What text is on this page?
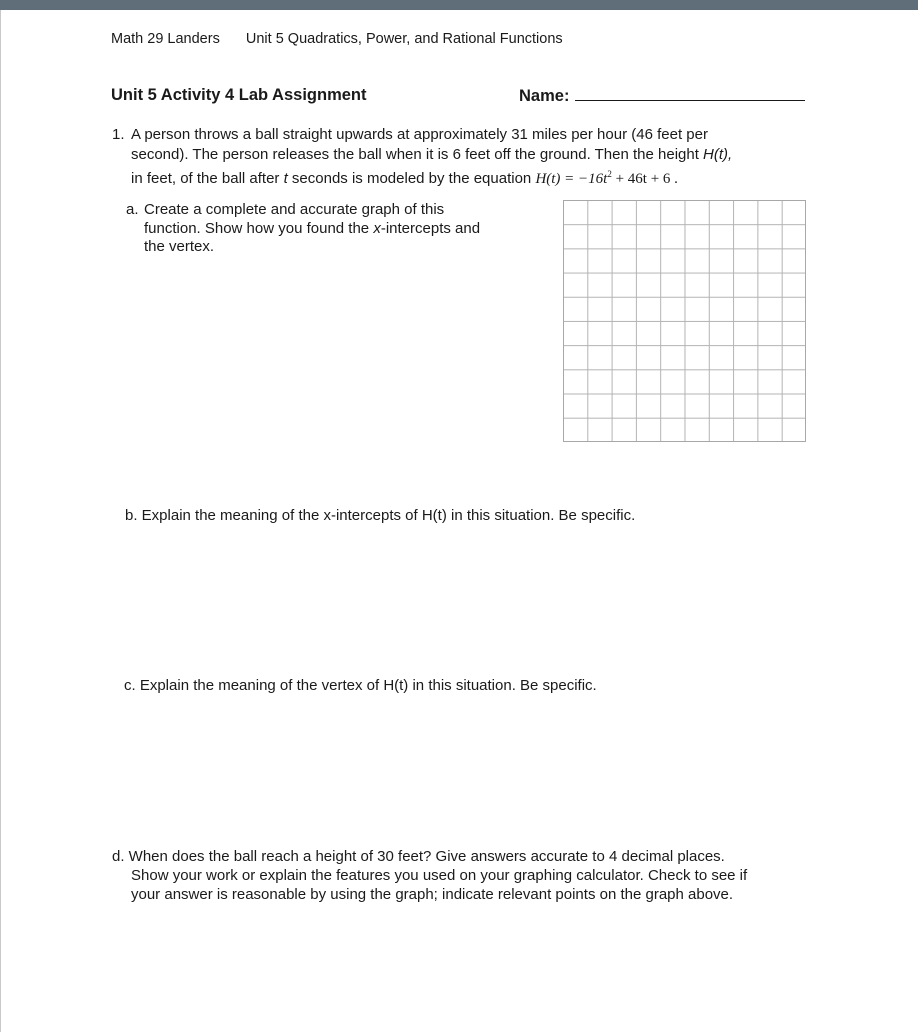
Math 29 Landers Unit 5 Quadratics, Power, and Rational Functions
Unit 5 Activity 4 Lab Assignment	Name:
1. A person throws a ball straight upwards at approximately 31 miles per hour (46 feet per
second). The person releases the ball when it is 6 feet off the ground. Then the height H(t),
in feet, of the ball after t seconds is modeled by the equation $H(t) = -16t^2 + 46t + 6$ .
a. Create a complete and accurate graph of this
function. Show how you found the x-intercepts and
the vertex.
b. Explain the meaning of the x-intercepts of H(t) in this situation. Be specific.
c. Explain the meaning of the vertex of H(t) in this situation. Be specific.
d. When does the ball reach a height of 30 feet? Give answers accurate to 4 decimal places.
Show your work or explain the features you used on your graphing calculator. Check to see if
your answer is reasonable by using the graph; indicate relevant points on the graph above.
